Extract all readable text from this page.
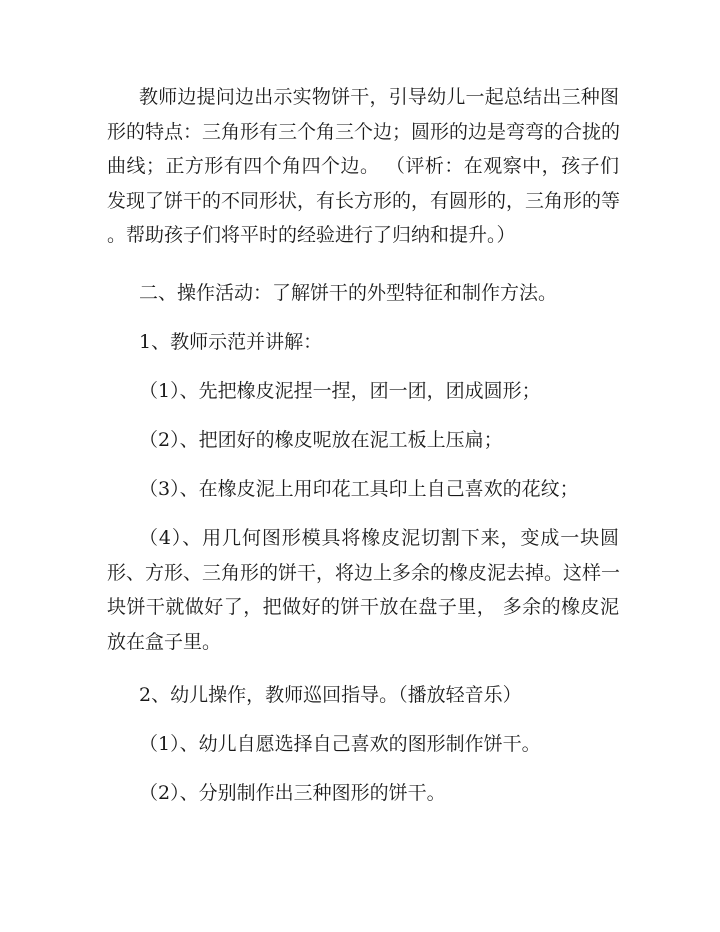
教师边提问边出示实物饼干，引导幼儿一起总结出三种图
形的特点：三角形有三个角三个边；圆形的边是弯弯的合拢的
曲线；正方形有四个角四个边。 （评析：在观察中，孩子们
发现了饼干的不同形状，有长方形的，有圆形的，三角形的等
。帮助孩子们将平时的经验进行了归纳和提升。）
二、操作活动：了解饼干的外型特征和制作方法。
1、教师示范并讲解：
（1）、先把橡皮泥捏一捏，团一团，团成圆形；
（2）、把团好的橡皮呢放在泥工板上压扁；
（3）、在橡皮泥上用印花工具印上自己喜欢的花纹；
（4）、用几何图形模具将橡皮泥切割下来，变成一块圆
形、方形、三角形的饼干，将边上多余的橡皮泥去掉。这样一
块饼干就做好了，把做好的饼干放在盘子里， 多余的橡皮泥
放在盒子里。
2、幼儿操作，教师巡回指导。（播放轻音乐）
（1）、幼儿自愿选择自己喜欢的图形制作饼干。
（2）、分别制作出三种图形的饼干。
